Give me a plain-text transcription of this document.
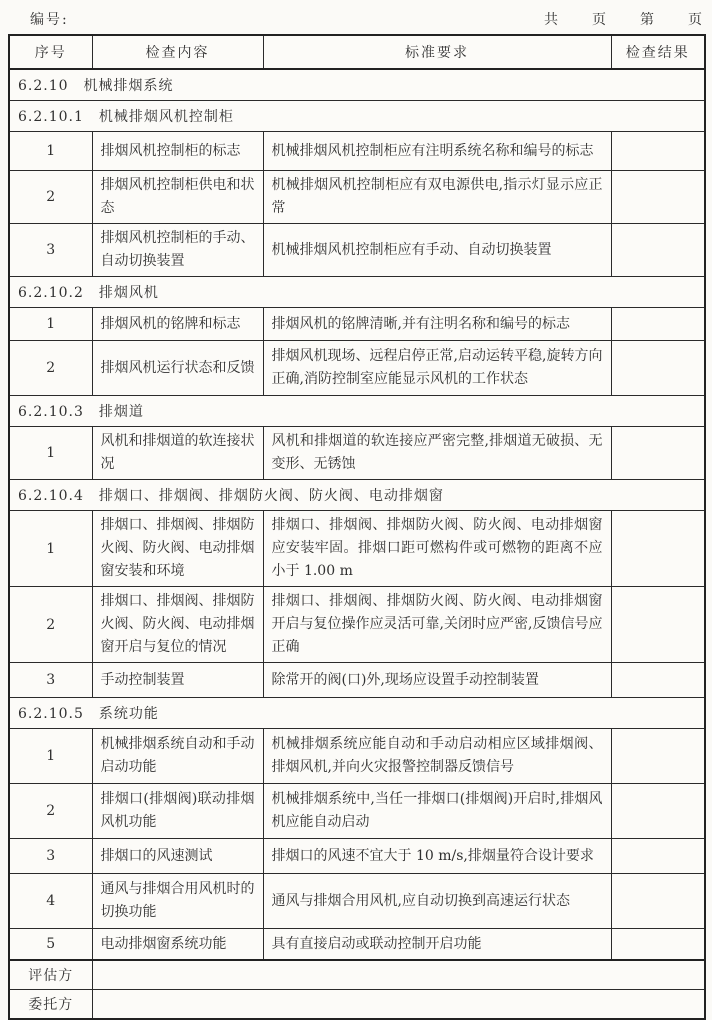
编号:	共　　页　　第　　页
序号	检查内容	标准要求	检查结果
6.2.10 机械排烟系统			
6.2.10.1 机械排烟风机控制柜			
1	排烟风机控制柜的标志	机械排烟风机控制柜应有注明系统名称和编号的标志	
2	排烟风机控制柜供电和状态	机械排烟风机控制柜应有双电源供电,指示灯显示应正常	
3	排烟风机控制柜的手动、自动切换装置	机械排烟风机控制柜应有手动、自动切换装置	
6.2.10.2 排烟风机			
1	排烟风机的铭牌和标志	排烟风机的铭牌清晰,并有注明名称和编号的标志	
2	排烟风机运行状态和反馈	排烟风机现场、远程启停正常,启动运转平稳,旋转方向正确,消防控制室应能显示风机的工作状态	
6.2.10.3 排烟道			
1	风机和排烟道的软连接状况	风机和排烟道的软连接应严密完整,排烟道无破损、无变形、无锈蚀	
6.2.10.4 排烟口、排烟阀、排烟防火阀、防火阀、电动排烟窗			
1	排烟口、排烟阀、排烟防火阀、防火阀、电动排烟窗安装和环境	排烟口、排烟阀、排烟防火阀、防火阀、电动排烟窗应安装牢固。排烟口距可燃构件或可燃物的距离不应小于 1.00 m	
2	排烟口、排烟阀、排烟防火阀、防火阀、电动排烟窗开启与复位的情况	排烟口、排烟阀、排烟防火阀、防火阀、电动排烟窗开启与复位操作应灵活可靠,关闭时应严密,反馈信号应正确	
3	手动控制装置	除常开的阀(口)外,现场应设置手动控制装置	
6.2.10.5 系统功能			
1	机械排烟系统自动和手动启动功能	机械排烟系统应能自动和手动启动相应区域排烟阀、排烟风机,并向火灾报警控制器反馈信号	
2	排烟口(排烟阀)联动排烟风机功能	机械排烟系统中,当任一排烟口(排烟阀)开启时,排烟风机应能自动启动	
3	排烟口的风速测试	排烟口的风速不宜大于 10 m/s,排烟量符合设计要求	
4	通风与排烟合用风机时的切换功能	通风与排烟合用风机,应自动切换到高速运行状态	
5	电动排烟窗系统功能	具有直接启动或联动控制开启功能	
评估方			
委托方			
